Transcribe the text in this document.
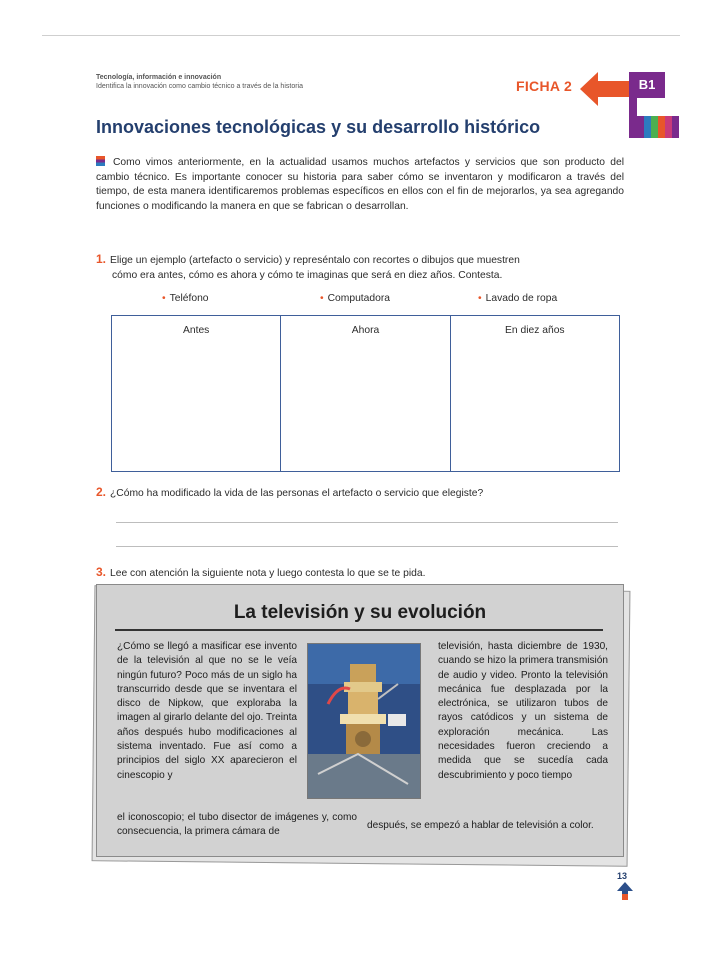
Tecnología, información e innovación
Identifica la innovación como cambio técnico a través de la historia	FICHA 2	B1
Innovaciones tecnológicas y su desarrollo histórico
Como vimos anteriormente, en la actualidad usamos muchos artefactos y servicios que son producto del cambio técnico. Es importante conocer su historia para saber cómo se inventaron y modificaron a través del tiempo, de esta manera identificaremos problemas específicos en ellos con el fin de mejorarlos, ya sea agregando funciones o modificando la manera en que se fabrican o desarrollan.
1. Elige un ejemplo (artefacto o servicio) y represéntalo con recortes o dibujos que muestren
cómo era antes, cómo es ahora y cómo te imaginas que será en diez años. Contesta.
• Teléfono	• Computadora	• Lavado de ropa
Antes	Ahora	En diez años
2. ¿Cómo ha modificado la vida de las personas el artefacto o servicio que elegiste?
3. Lee con atención la siguiente nota y luego contesta lo que se te pida.
La televisión y su evolución
¿Cómo se llegó a masificar ese invento de la televisión al que no se le veía ningún futuro? Poco más de un siglo ha transcurrido desde que se inventara el disco de Nipkow, que exploraba la imagen al girarlo delante del ojo. Treinta años después hubo modificaciones al sistema inventado. Fue así como a principios del siglo XX aparecieron el cinescopio y
el iconoscopio; el tubo disector de imágenes y, como consecuencia, la primera cámara de
televisión, hasta diciembre de 1930, cuando se hizo la primera transmisión de audio y video. Pronto la televisión mecánica fue desplazada por la electrónica, se utilizaron tubos de rayos catódicos y un sistema de exploración mecánica. Las necesidades fueron creciendo a medida que se sucedía cada descubrimiento y poco tiempo
después, se empezó a hablar de televisión a color.
13
